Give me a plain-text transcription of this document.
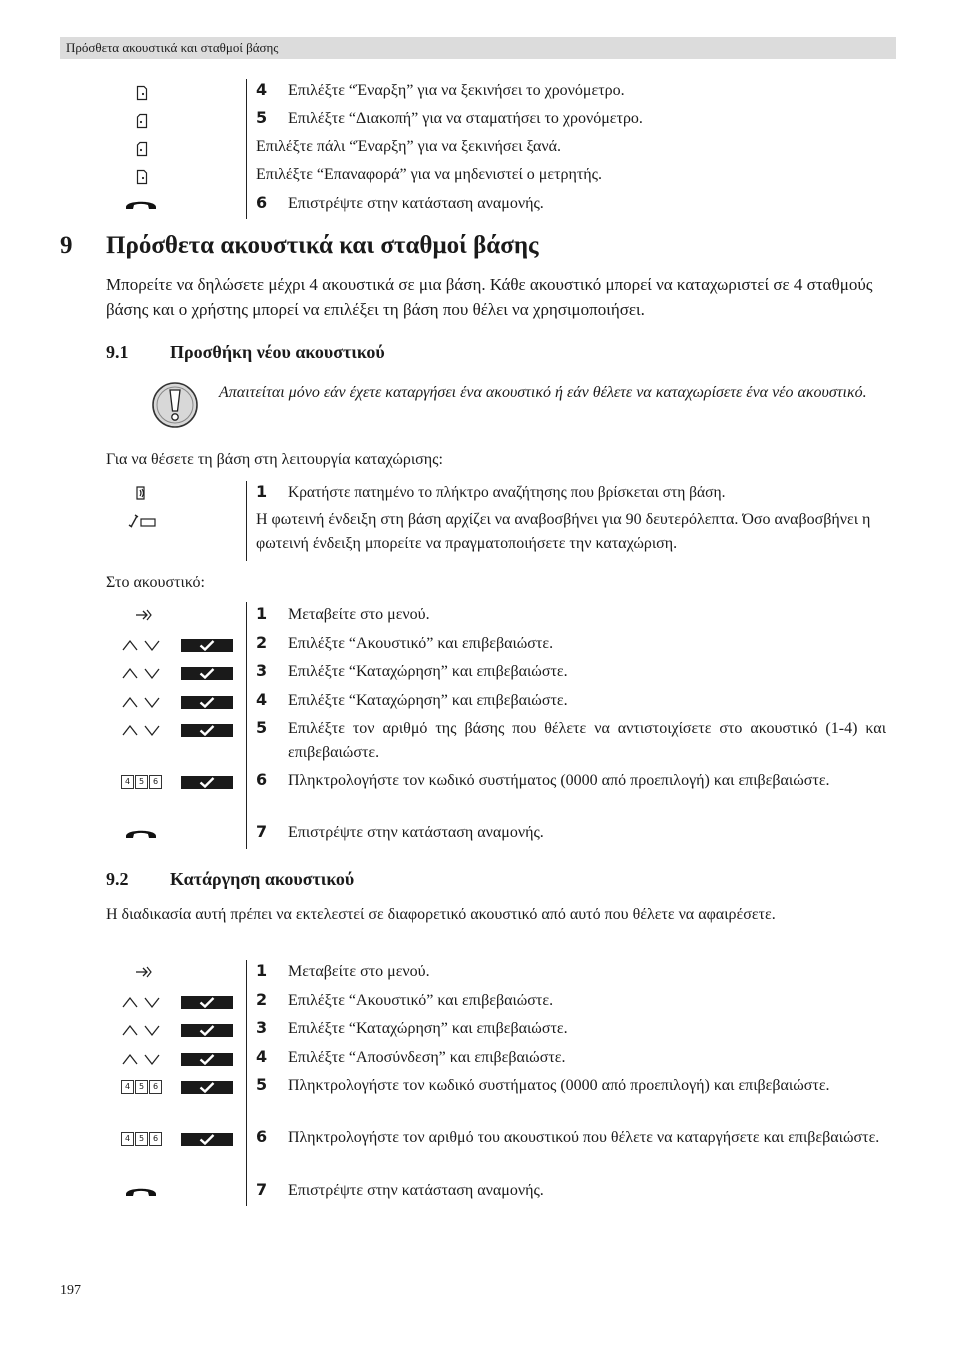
Πρόσθετα ακουστικά και σταθμοί βάσης
4 Επιλέξτε “Έναρξη” για να ξεκινήσει το χρονόμετρο.
5 Επιλέξτε “Διακοπή” για να σταματήσει το χρονόμετρο.
Επιλέξτε πάλι “Έναρξη” για να ξεκινήσει ξανά.
Επιλέξτε “Επαναφορά” για να μηδενιστεί ο μετρητής.
6 Επιστρέψτε στην κατάσταση αναμονής.
9 Πρόσθετα ακουστικά και σταθμοί βάσης
Μπορείτε να δηλώσετε μέχρι 4 ακουστικά σε μια βάση. Κάθε ακουστικό μπορεί να καταχωριστεί σε 4 σταθμούς βάσης και ο χρήστης μπορεί να επιλέξει τη βάση που θέλει να χρησιμοποιήσει.
9.1 Προσθήκη νέου ακουστικού
Απαιτείται μόνο εάν έχετε καταργήσει ένα ακουστικό ή εάν θέλετε να καταχωρίσετε ένα νέο ακουστικό.
Για να θέσετε τη βάση στη λειτουργία καταχώρισης:
1 Κρατήστε πατημένο το πλήκτρο αναζήτησης που βρίσκεται στη βάση.
Η φωτεινή ένδειξη στη βάση αρχίζει να αναβοσβήνει για 90 δευτερόλεπτα. Όσο αναβοσβήνει η φωτεινή ένδειξη μπορείτε να πραγματοποιήσετε την καταχώριση.
Στο ακουστικό:
1 Μεταβείτε στο μενού.
2 Επιλέξτε “Ακουστικό” και επιβεβαιώστε.
3 Επιλέξτε “Καταχώρηση” και επιβεβαιώστε.
4 Επιλέξτε “Καταχώρηση” και επιβεβαιώστε.
5 Επιλέξτε τον αριθμό της βάσης που θέλετε να αντιστοιχίσετε στο ακουστικό (1-4) και επιβεβαιώστε.
4	5	6	6 Πληκτρολογήστε τον κωδικό συστήματος (0000 από προεπιλογή) και επιβεβαιώστε.
7 Επιστρέψτε στην κατάσταση αναμονής.
9.2 Κατάργηση ακουστικού
Η διαδικασία αυτή πρέπει να εκτελεστεί σε διαφορετικό ακουστικό από αυτό που θέλετε να αφαιρέσετε.
1 Μεταβείτε στο μενού.
2 Επιλέξτε “Ακουστικό” και επιβεβαιώστε.
3 Επιλέξτε “Καταχώρηση” και επιβεβαιώστε.
4 Επιλέξτε “Αποσύνδεση” και επιβεβαιώστε.
4	5	6	5 Πληκτρολογήστε τον κωδικό συστήματος (0000 από προεπιλογή) και επιβεβαιώστε.
4	5	6	6 Πληκτρολογήστε τον αριθμό του ακουστικού που θέλετε να καταργήσετε και επιβεβαιώστε.
7 Επιστρέψτε στην κατάσταση αναμονής.
197
